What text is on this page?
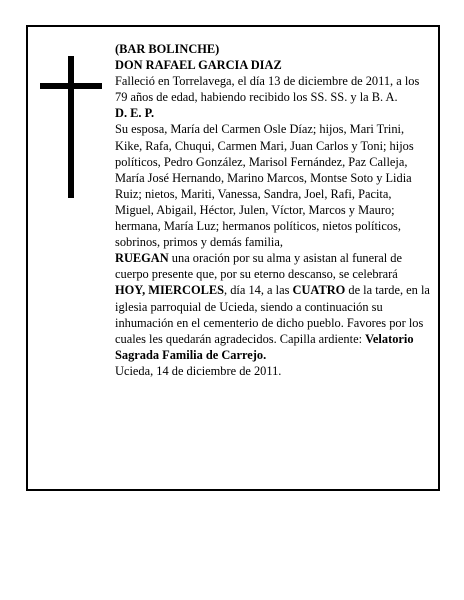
(BAR BOLINCHE)

DON RAFAEL GARCIA DIAZ

Falleció en Torrelavega, el día 13 de diciembre de 2011, a los 79 años de edad, habiendo recibido los SS. SS. y la B. A.

D. E. P.

Su esposa, María del Carmen Osle Díaz; hijos, Mari Trini, Kike, Rafa, Chuqui, Carmen Mari, Juan Carlos y Toni; hijos políticos, Pedro González, Marisol Fernández, Paz Calleja, María José Hernando, Marino Marcos, Montse Soto y Lidia Ruiz; nietos, Mariti, Vanessa, Sandra, Joel, Rafi, Pacita, Miguel, Abigail, Héctor, Julen, Víctor, Marcos y Mauro; hermana, María Luz; hermanos políticos, nietos políticos, sobrinos, primos y demás familia,

RUEGAN una oración por su alma y asistan al funeral de cuerpo presente que, por su eterno descanso, se celebrará HOY, MIERCOLES, día 14, a las CUATRO de la tarde, en la iglesia parroquial de Ucieda, siendo a continuación su inhumación en el cementerio de dicho pueblo. Favores por los cuales les quedarán agradecidos. Capilla ardiente: Velatorio Sagrada Familia de Carrejo.

Ucieda, 14 de diciembre de 2011.
